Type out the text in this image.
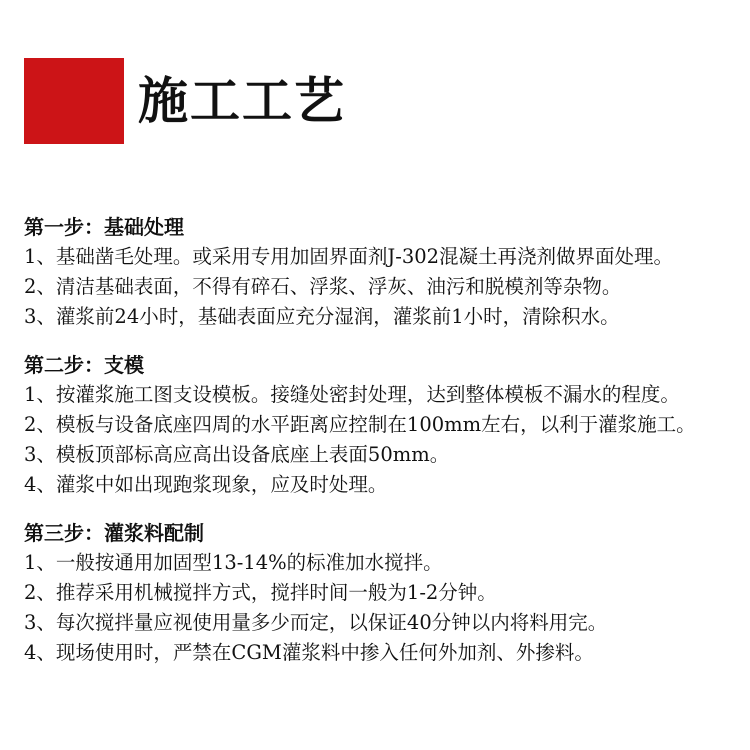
施工工艺
第一步：基础处理
1、基础凿毛处理。或采用专用加固界面剂J-302混凝土再浇剂做界面处理。
2、清洁基础表面，不得有碎石、浮浆、浮灰、油污和脱模剂等杂物。
3、灌浆前24小时，基础表面应充分湿润，灌浆前1小时，清除积水。
第二步：支模
1、按灌浆施工图支设模板。接缝处密封处理，达到整体模板不漏水的程度。
2、模板与设备底座四周的水平距离应控制在100mm左右，以利于灌浆施工。
3、模板顶部标高应高出设备底座上表面50mm。
4、灌浆中如出现跑浆现象，应及时处理。
第三步：灌浆料配制
1、一般按通用加固型13-14%的标准加水搅拌。
2、推荐采用机械搅拌方式，搅拌时间一般为1-2分钟。
3、每次搅拌量应视使用量多少而定，以保证40分钟以内将料用完。
4、现场使用时，严禁在CGM灌浆料中掺入任何外加剂、外掺料。
